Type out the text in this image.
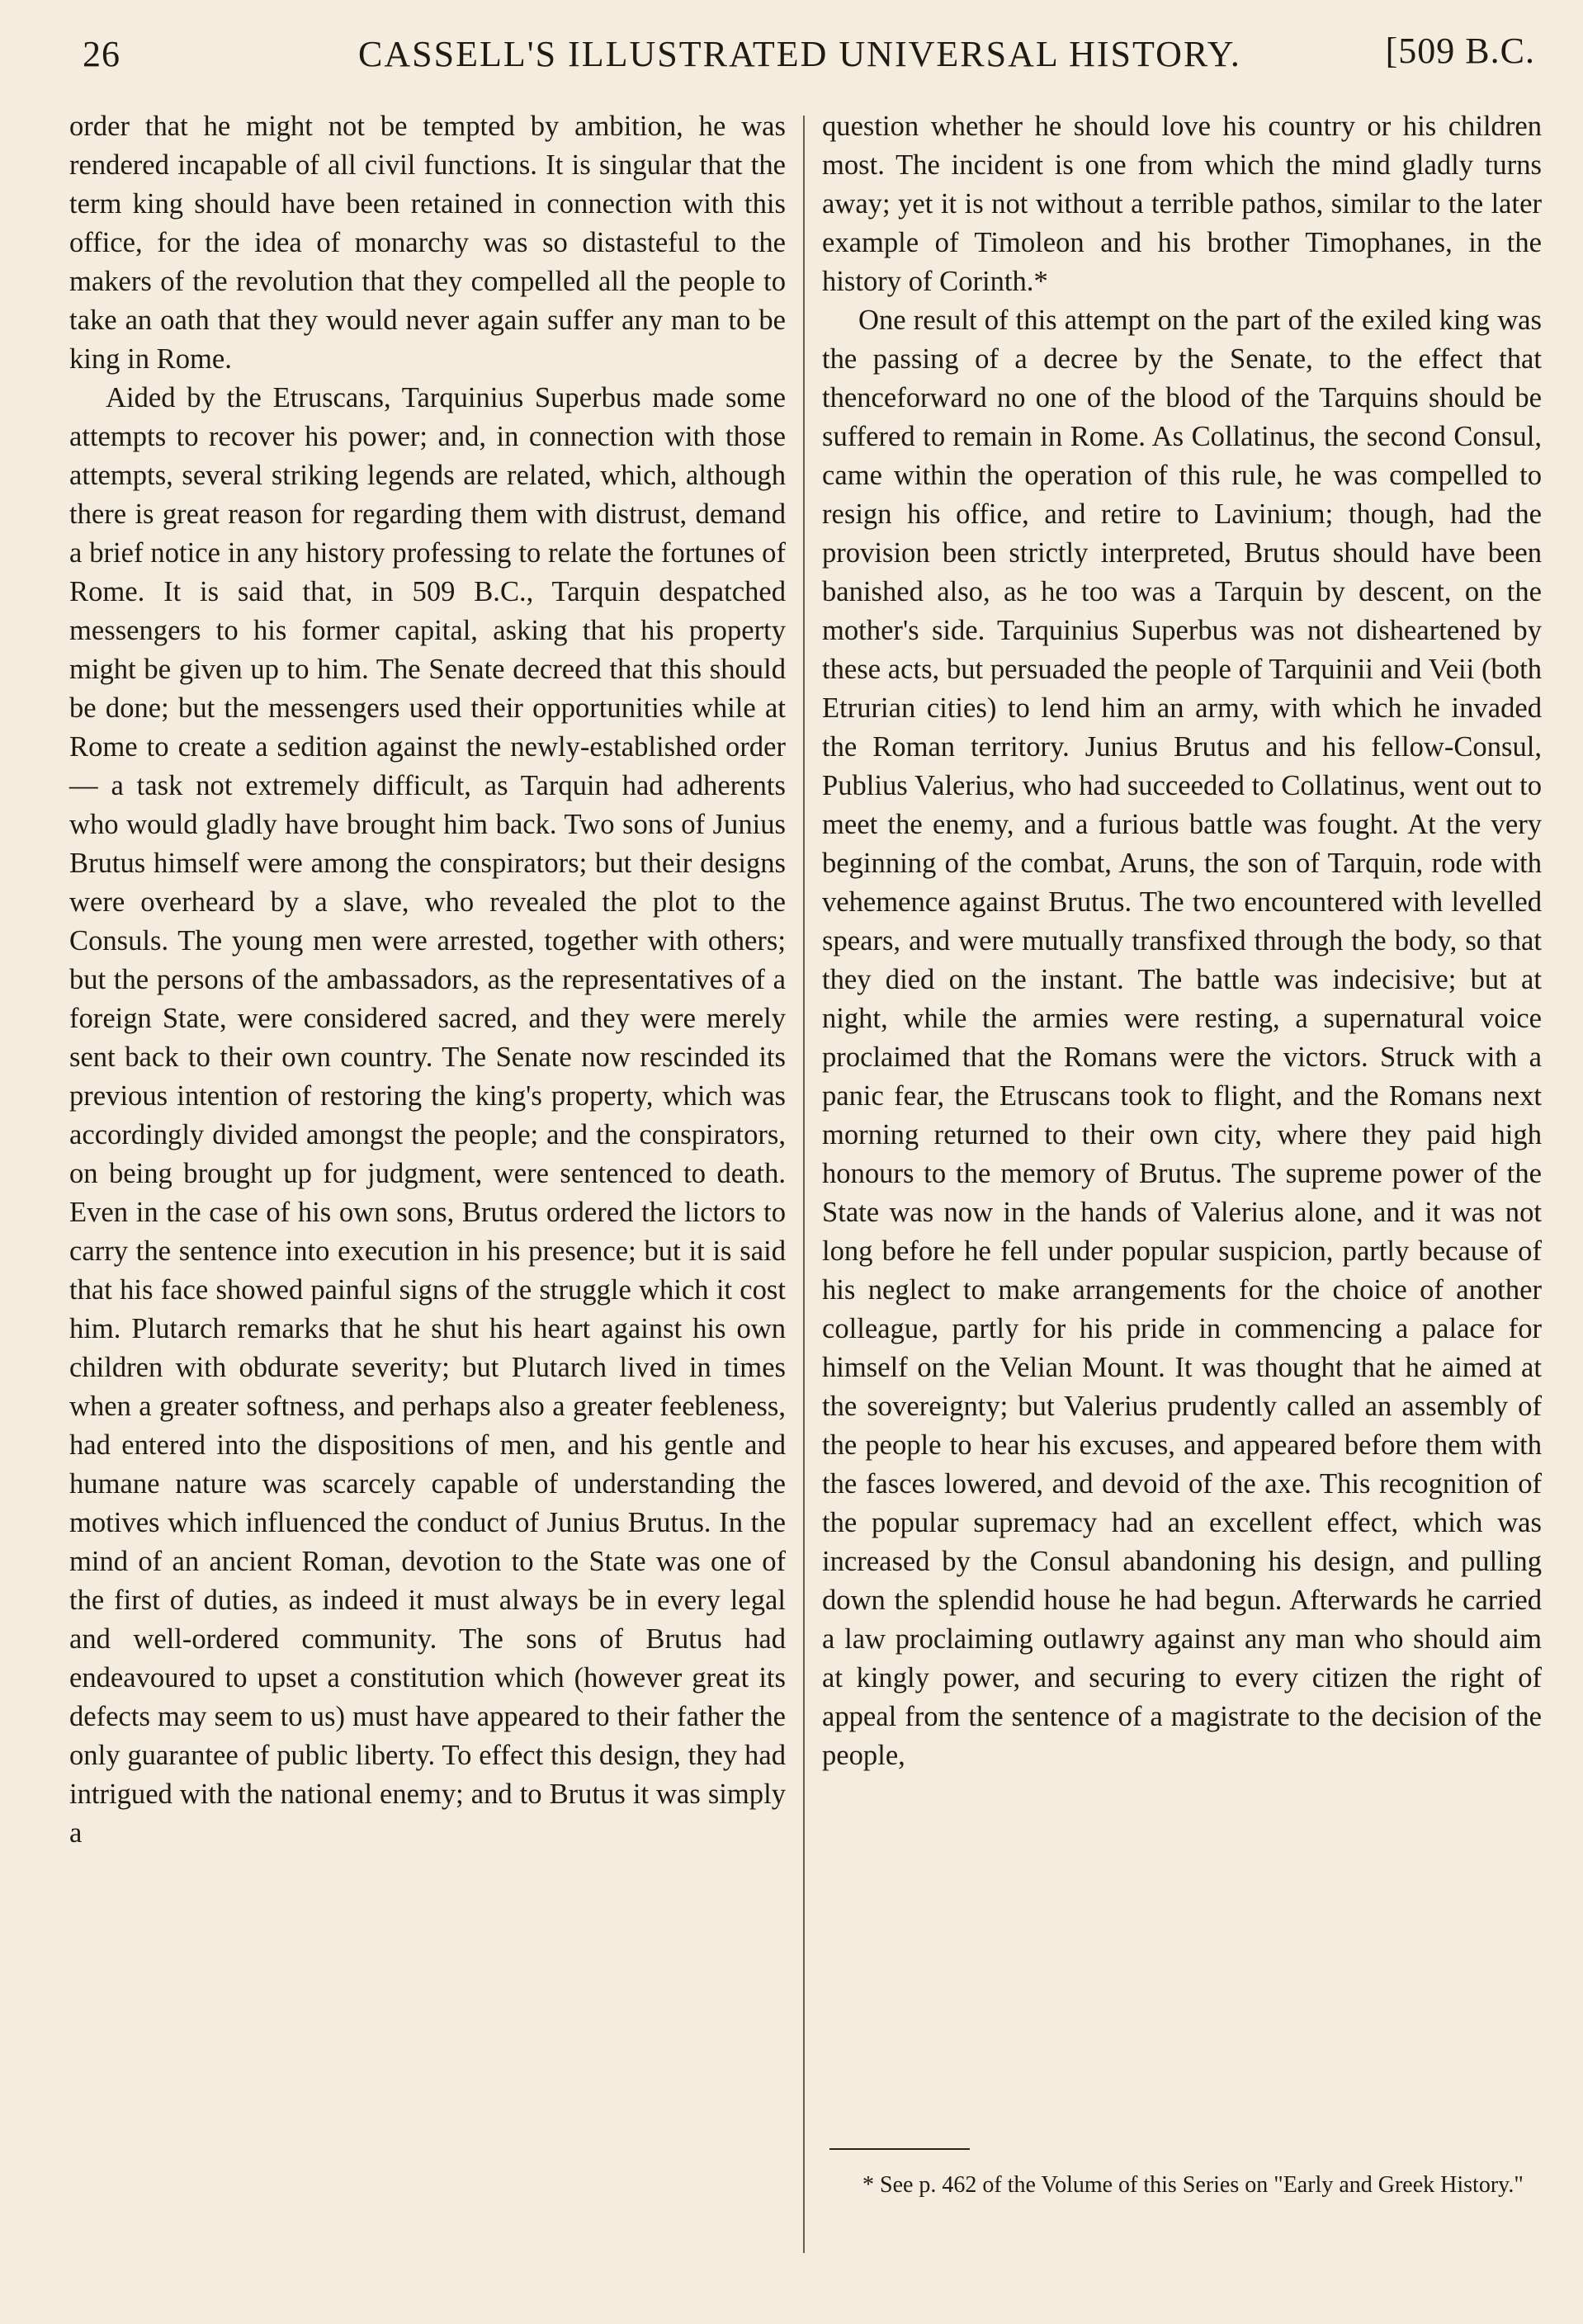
26	CASSELL'S ILLUSTRATED UNIVERSAL HISTORY.	[509 B.C.

order that he might not be tempted by ambition, he was rendered incapable of all civil functions. It is singular that the term king should have been retained in connection with this office, for the idea of monarchy was so distasteful to the makers of the revolution that they compelled all the people to take an oath that they would never again suffer any man to be king in Rome.

Aided by the Etruscans, Tarquinius Superbus made some attempts to recover his power; and, in connection with those attempts, several striking legends are related, which, although there is great reason for regarding them with distrust, demand a brief notice in any history professing to relate the fortunes of Rome. It is said that, in 509 B.C., Tarquin despatched messengers to his former capital, asking that his property might be given up to him. The Senate decreed that this should be done; but the messengers used their opportunities while at Rome to create a sedition against the newly-established order — a task not extremely difficult, as Tarquin had adherents who would gladly have brought him back. Two sons of Junius Brutus himself were among the conspirators; but their designs were overheard by a slave, who revealed the plot to the Consuls. The young men were arrested, together with others; but the persons of the ambassadors, as the representatives of a foreign State, were considered sacred, and they were merely sent back to their own country. The Senate now rescinded its previous intention of restoring the king's property, which was accordingly divided amongst the people; and the conspirators, on being brought up for judgment, were sentenced to death. Even in the case of his own sons, Brutus ordered the lictors to carry the sentence into execution in his presence; but it is said that his face showed painful signs of the struggle which it cost him. Plutarch remarks that he shut his heart against his own children with obdurate severity; but Plutarch lived in times when a greater softness, and perhaps also a greater feebleness, had entered into the dispositions of men, and his gentle and humane nature was scarcely capable of understanding the motives which influenced the conduct of Junius Brutus. In the mind of an ancient Roman, devotion to the State was one of the first of duties, as indeed it must always be in every legal and well-ordered community. The sons of Brutus had endeavoured to upset a constitution which (however great its defects may seem to us) must have appeared to their father the only guarantee of public liberty. To effect this design, they had intrigued with the national enemy; and to Brutus it was simply a

question whether he should love his country or his children most. The incident is one from which the mind gladly turns away; yet it is not without a terrible pathos, similar to the later example of Timoleon and his brother Timophanes, in the history of Corinth.*

One result of this attempt on the part of the exiled king was the passing of a decree by the Senate, to the effect that thenceforward no one of the blood of the Tarquins should be suffered to remain in Rome. As Collatinus, the second Consul, came within the operation of this rule, he was compelled to resign his office, and retire to Lavinium; though, had the provision been strictly interpreted, Brutus should have been banished also, as he too was a Tarquin by descent, on the mother's side. Tarquinius Superbus was not disheartened by these acts, but persuaded the people of Tarquinii and Veii (both Etrurian cities) to lend him an army, with which he invaded the Roman territory. Junius Brutus and his fellow-Consul, Publius Valerius, who had succeeded to Collatinus, went out to meet the enemy, and a furious battle was fought. At the very beginning of the combat, Aruns, the son of Tarquin, rode with vehemence against Brutus. The two encountered with levelled spears, and were mutually transfixed through the body, so that they died on the instant. The battle was indecisive; but at night, while the armies were resting, a supernatural voice proclaimed that the Romans were the victors. Struck with a panic fear, the Etruscans took to flight, and the Romans next morning returned to their own city, where they paid high honours to the memory of Brutus. The supreme power of the State was now in the hands of Valerius alone, and it was not long before he fell under popular suspicion, partly because of his neglect to make arrangements for the choice of another colleague, partly for his pride in commencing a palace for himself on the Velian Mount. It was thought that he aimed at the sovereignty; but Valerius prudently called an assembly of the people to hear his excuses, and appeared before them with the fasces lowered, and devoid of the axe. This recognition of the popular supremacy had an excellent effect, which was increased by the Consul abandoning his design, and pulling down the splendid house he had begun. Afterwards he carried a law proclaiming outlawry against any man who should aim at kingly power, and securing to every citizen the right of appeal from the sentence of a magistrate to the decision of the people,

* See p. 462 of the Volume of this Series on "Early and Greek History."
